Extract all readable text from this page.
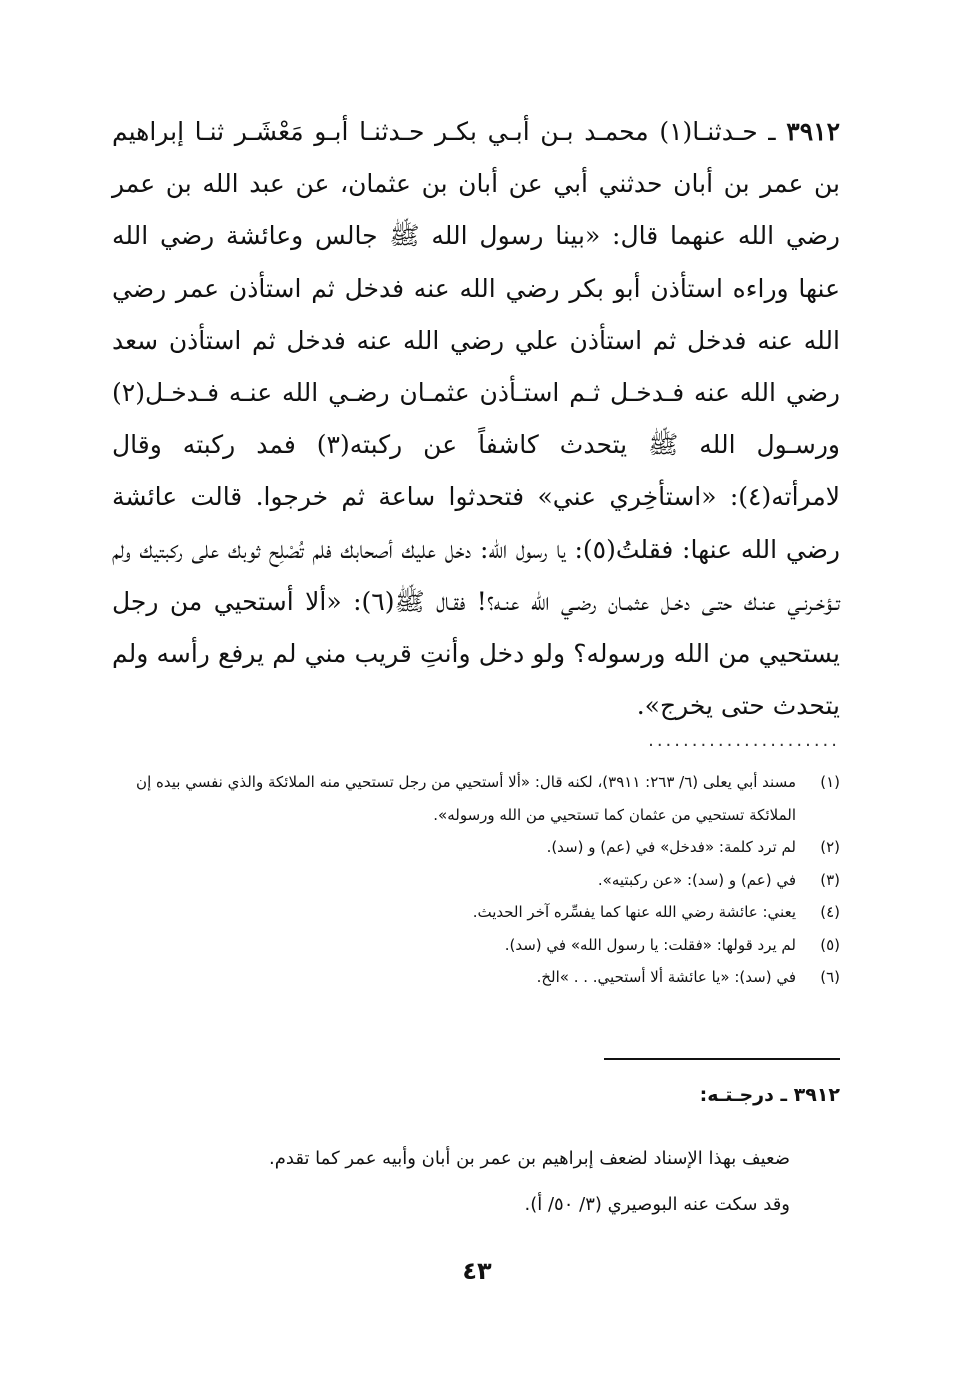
٣٩١٢ ـ حـدثنـا(١) محمـد بـن أبـي بكـر حـدثنـا أبـو مَعْشَـر ثنـا إبراهيم بن عمر بن أبان حدثني أبي عن أبان بن عثمان، عن عبد الله بن عمر رضي الله عنهما قال: «بينا رسول الله ﷺ جالس وعائشة رضي الله عنها وراءه استأذن أبو بكر رضي الله عنه فدخل ثم استأذن عمر رضي الله عنه فدخل ثم استأذن علي رضي الله عنه فدخل ثم استأذن سعد رضي الله عنه فـدخـل ثـم استـأذن عثمـان رضـي الله عنـه فـدخـل(٢) ورسـول الله ﷺ يتحدث كاشفاً عن ركبته(٣) فمد ركبته وقال لامرأته(٤): «استأخِري عني» فتحدثوا ساعة ثم خرجوا. قالت عائشة رضي الله عنها: فقلتُ(٥): يا رسول الله: دخل عليك أصحابك فلم تُصْلِح ثوبك على ركبتيك ولم تـؤخـرنـي عنـك حتـى دخـل عثمـان رضـي الله عنـه؟! فقـال ﷺ(٦): «ألا أستحيي من رجل يستحيي من الله ورسوله؟ ولو دخل وأنتِ قريب مني لم يرفع رأسه ولم يتحدث حتى يخرج».

......................
(١)
مسند أبي يعلى (٦/ ٢٦٣: ٣٩١١)، لكنه قال: «ألا أستحيي من رجل تستحيي منه الملائكة والذي نفسي بيده إن الملائكة تستحيي من عثمان كما تستحيي من الله ورسوله».
(٢)
لم ترد كلمة: «فدخل» في (عم) و (سد).
(٣)
في (عم) و (سد): «عن ركبتيه».
(٤)
يعني: عائشة رضي الله عنها كما يفسِّره آخر الحديث.
(٥)
لم يرد قولها: «فقلت: يا رسول الله» في (سد).
(٦)
في (سد): «يا عائشة ألا أستحيي. . . »الخ.
٣٩١٢ ـ درجـتـه:

ضعيف بهذا الإسناد لضعف إبراهيم بن عمر بن أبان وأبيه عمر كما تقدم.

وقد سكت عنه البوصيري (٣/ ٥٠/ أ).

٤٣
